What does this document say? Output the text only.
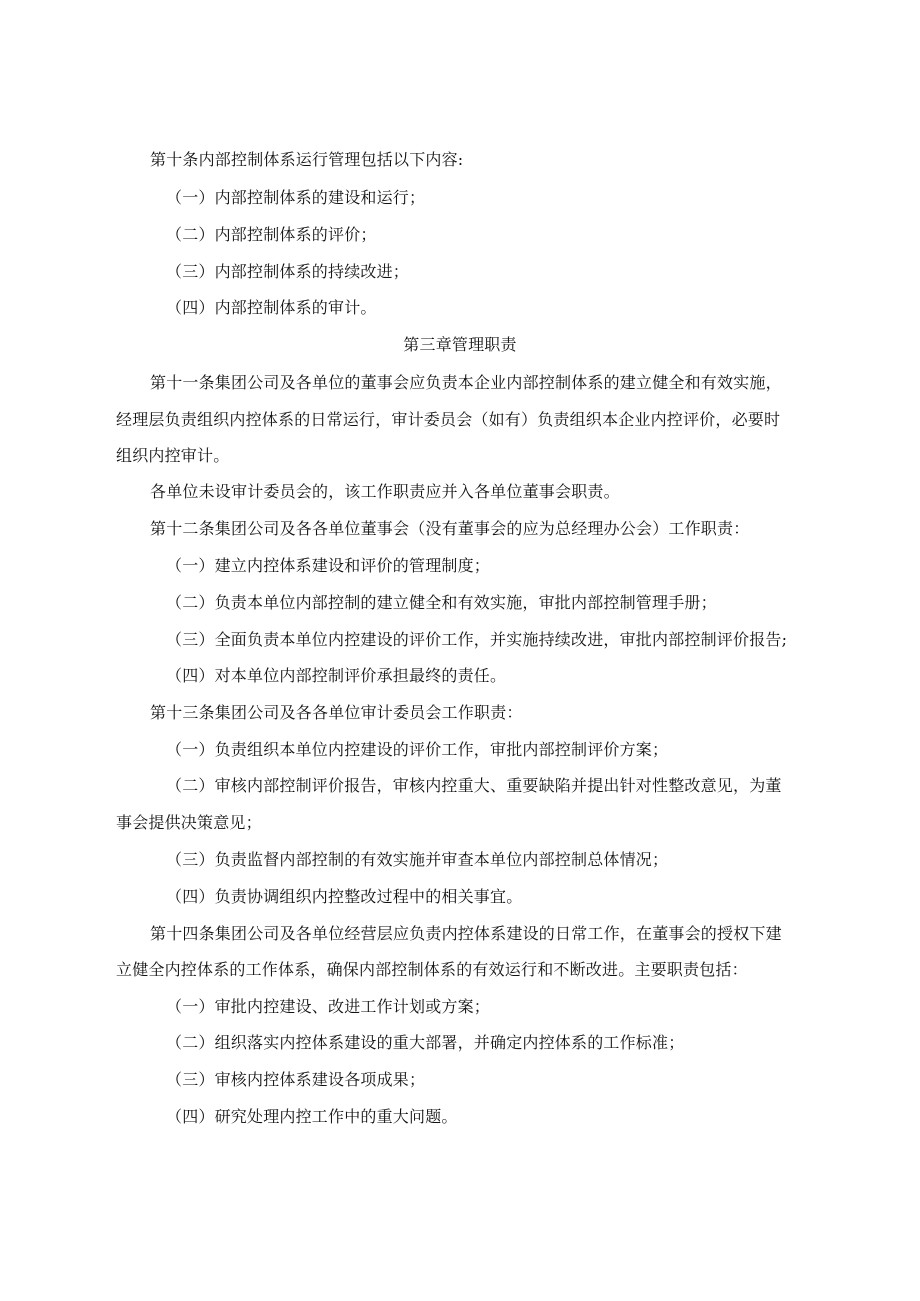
第十条内部控制体系运行管理包括以下内容:
（一）内部控制体系的建设和运行；
（二）内部控制体系的评价；
（三）内部控制体系的持续改进；
（四）内部控制体系的审计。
第三章管理职责
第十一条集团公司及各单位的董事会应负责本企业内部控制体系的建立健全和有效实施，
经理层负责组织内控体系的日常运行，审计委员会（如有）负责组织本企业内控评价，必要时
组织内控审计。
各单位未设审计委员会的，该工作职责应并入各单位董事会职责。
第十二条集团公司及各各单位董事会（没有董事会的应为总经理办公会）工作职责：
（一）建立内控体系建设和评价的管理制度；
（二）负责本单位内部控制的建立健全和有效实施，审批内部控制管理手册；
（三）全面负责本单位内控建设的评价工作，并实施持续改进，审批内部控制评价报告;
（四）对本单位内部控制评价承担最终的责任。
第十三条集团公司及各各单位审计委员会工作职责：
（一）负责组织本单位内控建设的评价工作，审批内部控制评价方案；
（二）审核内部控制评价报告，审核内控重大、重要缺陷并提出针对性整改意见，为董
事会提供决策意见；
（三）负责监督内部控制的有效实施并审查本单位内部控制总体情况；
（四）负责协调组织内控整改过程中的相关事宜。
第十四条集团公司及各单位经营层应负责内控体系建设的日常工作，在董事会的授权下建
立健全内控体系的工作体系，确保内部控制体系的有效运行和不断改进。主要职责包括：
（一）审批内控建设、改进工作计划或方案；
（二）组织落实内控体系建设的重大部署，并确定内控体系的工作标准；
（三）审核内控体系建设各项成果；
（四）研究处理内控工作中的重大问题。
